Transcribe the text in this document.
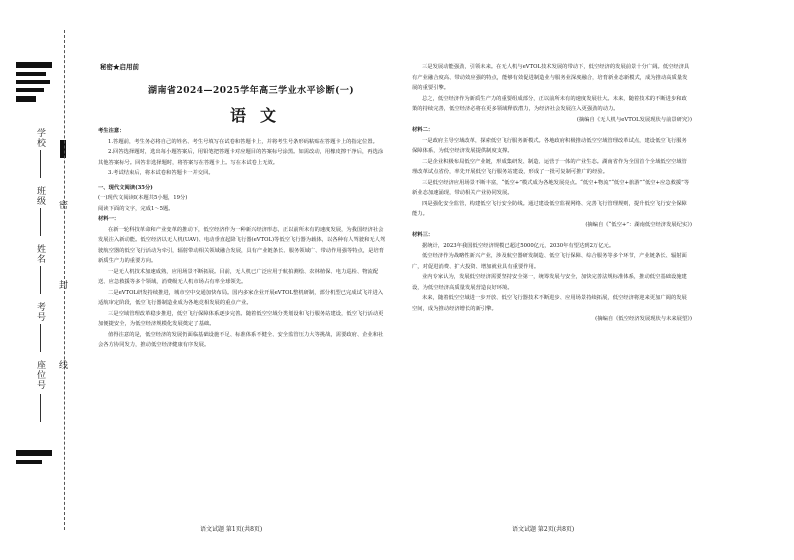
学校
班级
姓名
考号
座位号
密
封
线
秘密★启用前
湖南省2024—2025学年高三学业水平诊断(一)
语文
考生注意：

1.答题前，考生务必将自己的姓名、考生号填写在试卷和答题卡上，并将考生号条形码粘贴在答题卡上的指定位置。

2.回答选择题时，选出每小题答案后，用铅笔把答题卡对应题目的答案标号涂黑。如需改动，用橡皮擦干净后，再选涂其他答案标号。回答非选择题时，将答案写在答题卡上。写在本试卷上无效。

3.考试结束后，将本试卷和答题卡一并交回。

一、现代文阅读(35分)
(一)现代文阅读Ⅰ(本题共5小题，19分)
阅读下面的文字，完成1～5题。
材料一：

在新一轮科技革命和产业变革的推动下，低空经济作为一种新兴经济形态，正以前所未有的速度发展，为我国经济社会发展注入新动能。低空经济以无人机(UAV)、电动垂直起降飞行器(eVTOL)等低空飞行器为载体，以各种有人驾驶和无人驾驶航空器的低空飞行活动为牵引，辐射带动相关领域融合发展，具有产业链条长、服务领域广、带动作用强等特点，是培育新质生产力的重要方向。

一是无人机技术加速成熟，应用场景不断拓展。目前，无人机已广泛应用于航拍测绘、农林植保、电力巡检、物流配送、应急救援等多个领域，消费级无人机市场占有率全球领先。

二是eVTOL研发持续推进，城市空中交通加快布局。国内多家企业开展eVTOL整机研制，部分机型已完成试飞并进入适航审定阶段，低空飞行器制造业成为各地竞相发展的重点产业。

三是空域管理改革稳步推进，低空飞行保障体系逐步完善。随着低空空域分类划设和飞行服务站建设，低空飞行活动更加便捷安全，为低空经济规模化发展奠定了基础。

值得注意的是，低空经济的发展仍面临基础设施不足、标准体系不健全、安全监管压力大等挑战，需要政府、企业和社会各方协同发力，推动低空经济健康有序发展。

三是发展动能强劲，引领未来。在无人机与eVTOL技术发展的带动下，低空经济的发展前景十分广阔。低空经济具有产业融合度高、带动效应强的特点，能够有效促进制造业与服务业深度融合，培育新业态新模式，成为推动高质量发展的重要引擎。

总之，低空经济作为新质生产力的重要组成部分，正以前所未有的速度发展壮大。未来，随着技术的不断进步和政策的持续完善，低空经济必将在更多领域释放潜力，为经济社会发展注入更强劲的动力。

(摘编自《无人机与eVTOL发展现状与前景研究》)
材料二：

一是政府主导空域改革，探索低空飞行服务新模式。各地政府积极推动低空空域管理改革试点，建设低空飞行服务保障体系，为低空经济发展提供制度支撑。

二是企业积极布局低空产业链，形成集研发、制造、运营于一体的产业生态。湖南省作为全国首个全域低空空域管理改革试点省份，率先开展低空飞行服务站建设，形成了一批可复制可推广的经验。

三是低空经济应用场景不断丰富，“低空+”模式成为各地发展亮点。“低空+物流”“低空+旅游”“低空+应急救援”等新业态加速涌现，带动相关产业协同发展。

四是强化安全监管，构建低空飞行安全防线。通过建设低空监视网络、完善飞行管理规则，提升低空飞行安全保障能力。

(摘编自《“低空+”：湖南低空经济发展纪实》)
材料三：

据统计，2023年我国低空经济规模已超过5000亿元，2030年有望达到2万亿元。

低空经济作为战略性新兴产业，涉及航空器研发制造、低空飞行保障、综合服务等多个环节，产业链条长、辐射面广，对促进消费、扩大投资、增加就业具有重要作用。

业内专家认为，发展低空经济需要坚持安全第一，统筹发展与安全，加快完善法规标准体系，推动低空基础设施建设，为低空经济高质量发展营造良好环境。

未来，随着低空空域进一步开放、低空飞行器技术不断进步、应用场景持续拓展，低空经济将迎来更加广阔的发展空间，成为推动经济增长的新引擎。

(摘编自《低空经济发展现状与未来展望》)
语文试题 第1页(共8页)	语文试题 第2页(共8页)
